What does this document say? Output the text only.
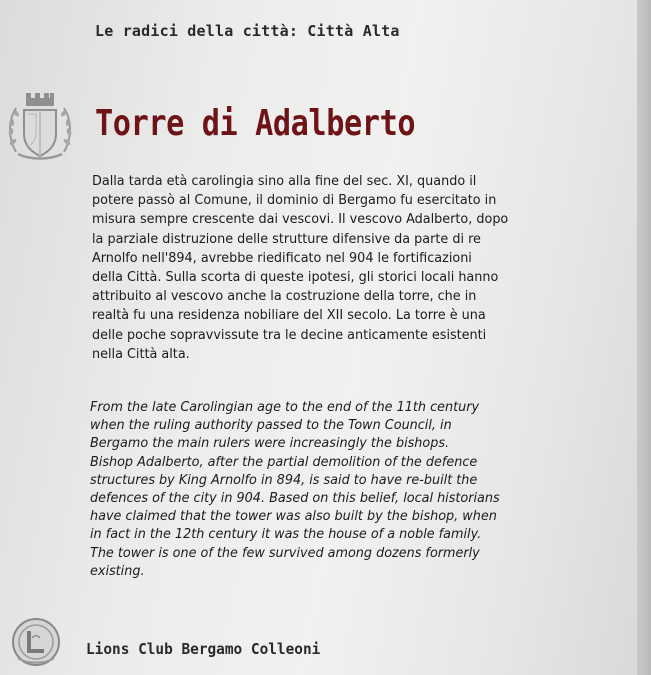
Le radici della città: Città Alta
Torre di Adalberto
Dalla tarda età carolingia sino alla fine del sec. XI, quando il
potere passò al Comune, il dominio di Bergamo fu esercitato in
misura sempre crescente dai vescovi. Il vescovo Adalberto, dopo
la parziale distruzione delle strutture difensive da parte di re
Arnolfo nell'894, avrebbe riedificato nel 904 le fortificazioni
della Città. Sulla scorta di queste ipotesi, gli storici locali hanno
attribuito al vescovo anche la costruzione della torre, che in
realtà fu una residenza nobiliare del XII secolo. La torre è una
delle poche sopravvissute tra le decine anticamente esistenti
nella Città alta.
From the late Carolingian age to the end of the 11th century
when the ruling authority passed to the Town Council, in
Bergamo the main rulers were increasingly the bishops.
Bishop Adalberto, after the partial demolition of the defence
structures by King Arnolfo in 894, is said to have re-built the
defences of the city in 904. Based on this belief, local historians
have claimed that the tower was also built by the bishop, when
in fact in the 12th century it was the house of a noble family.
The tower is one of the few survived among dozens formerly
existing.
Lions Club Bergamo Colleoni
